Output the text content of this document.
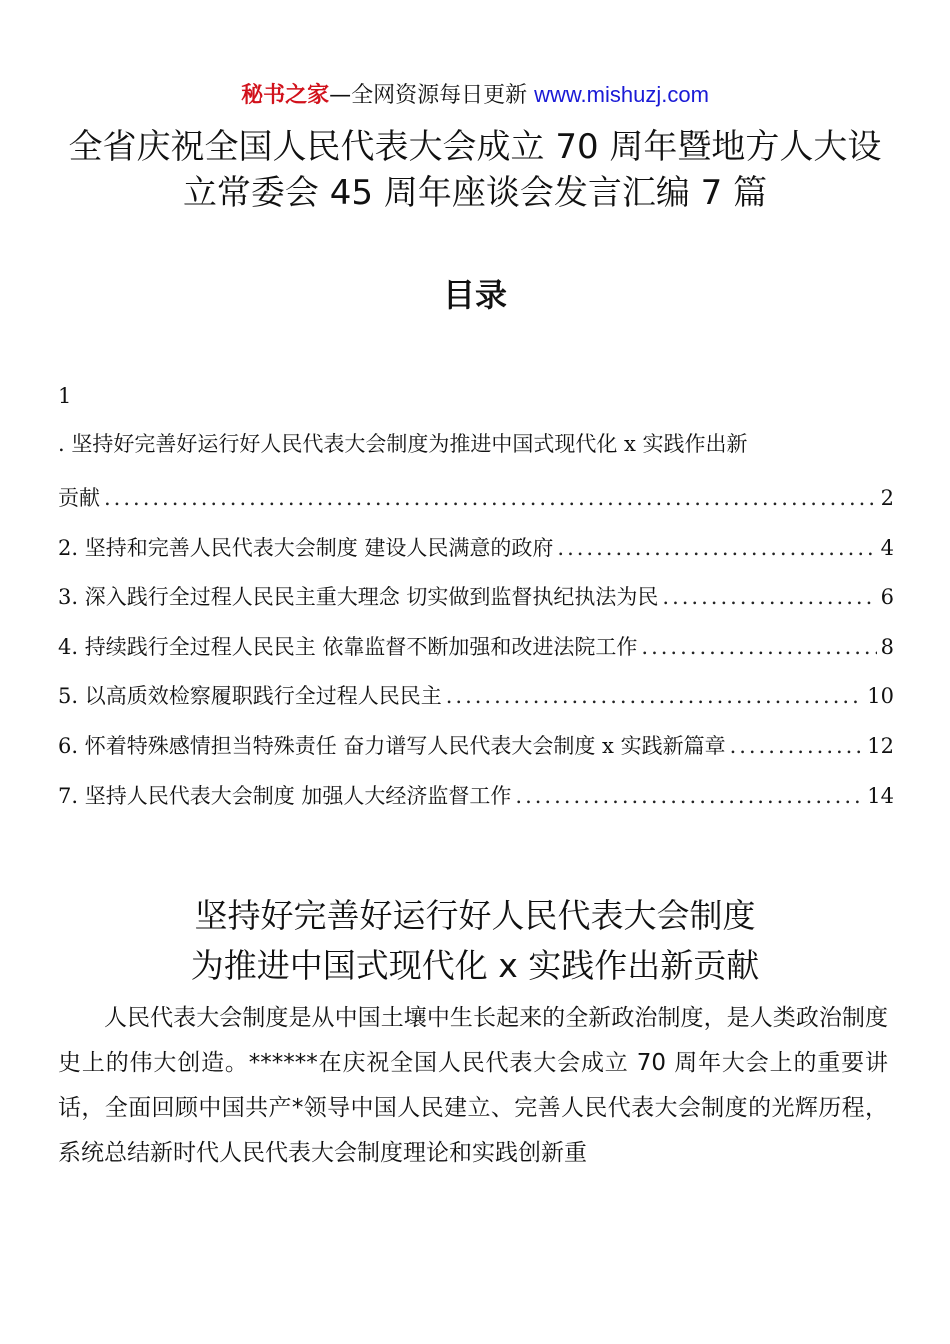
秘书之家—全网资源每日更新 www.mishuzj.com
全省庆祝全国人民代表大会成立 70 周年暨地方人大设
立常委会 45 周年座谈会发言汇编 7 篇
目录
1
. 坚持好完善好运行好人民代表大会制度为推进中国式现代化 x 实践作出新
贡献 .....	2
2. 坚持和完善人民代表大会制度 建设人民满意的政府 .....	4
3. 深入践行全过程人民民主重大理念 切实做到监督执纪执法为民 .....	6
4. 持续践行全过程人民民主 依靠监督不断加强和改进法院工作 .....	8
5. 以高质效检察履职践行全过程人民民主 .....	10
6. 怀着特殊感情担当特殊责任 奋力谱写人民代表大会制度 x 实践新篇章 .....	12
7. 坚持人民代表大会制度 加强人大经济监督工作 .....	14
坚持好完善好运行好人民代表大会制度
为推进中国式现代化 x 实践作出新贡献

人民代表大会制度是从中国土壤中生长起来的全新政治制度，是人类政治制度史上的伟大创造。******在庆祝全国人民代表大会成立 70 周年大会上的重要讲话，全面回顾中国共产*领导中国人民建立、完善人民代表大会制度的光辉历程，系统总结新时代人民代表大会制度理论和实践创新重
